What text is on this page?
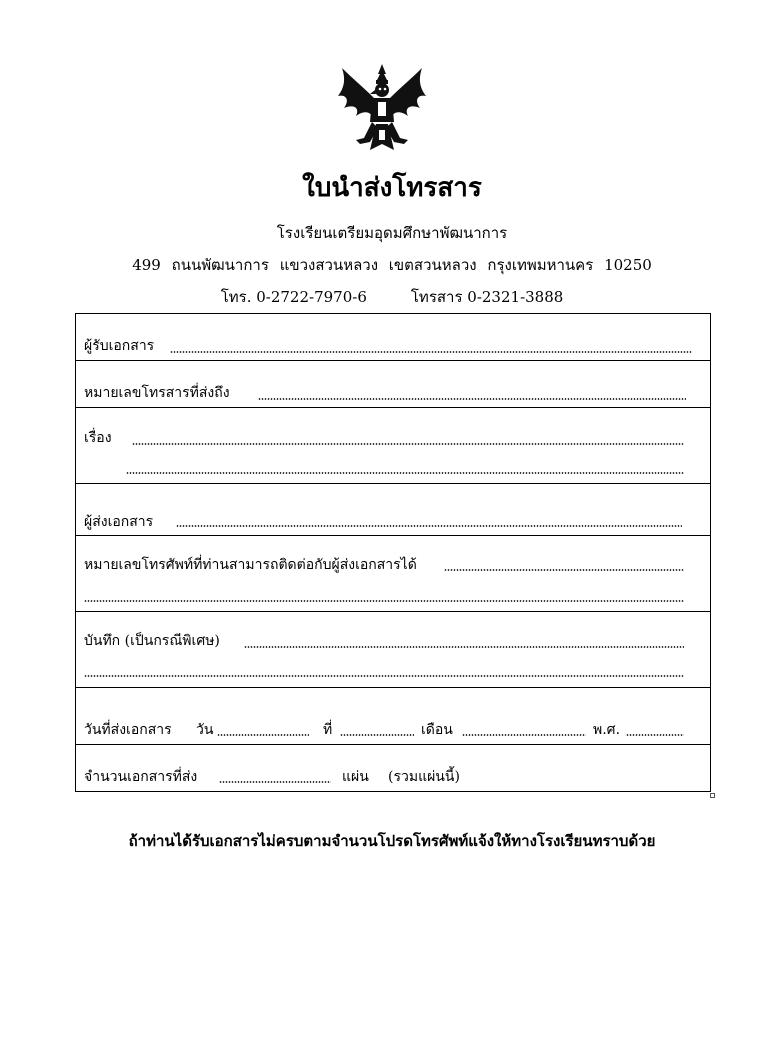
ใบนำส่งโทรสาร
โรงเรียนเตรียมอุดมศึกษาพัฒนาการ
499 ถนนพัฒนาการ แขวงสวนหลวง เขตสวนหลวง กรุงเทพมหานคร 10250
โทร. 0-2722-7970-6	โทรสาร 0-2321-3888
ผู้รับเอกสาร
หมายเลขโทรสารที่ส่งถึง
เรื่อง
ผู้ส่งเอกสาร
หมายเลขโทรศัพท์ที่ท่านสามารถติดต่อกับผู้ส่งเอกสารได้
บันทึก (เป็นกรณีพิเศษ)
วันที่ส่งเอกสาร วัน	ที่	เดือน	พ.ศ.
จำนวนเอกสารที่ส่ง	แผ่น (รวมแผ่นนี้)
ถ้าท่านได้รับเอกสารไม่ครบตามจำนวนโปรดโทรศัพท์แจ้งให้ทางโรงเรียนทราบด้วย
